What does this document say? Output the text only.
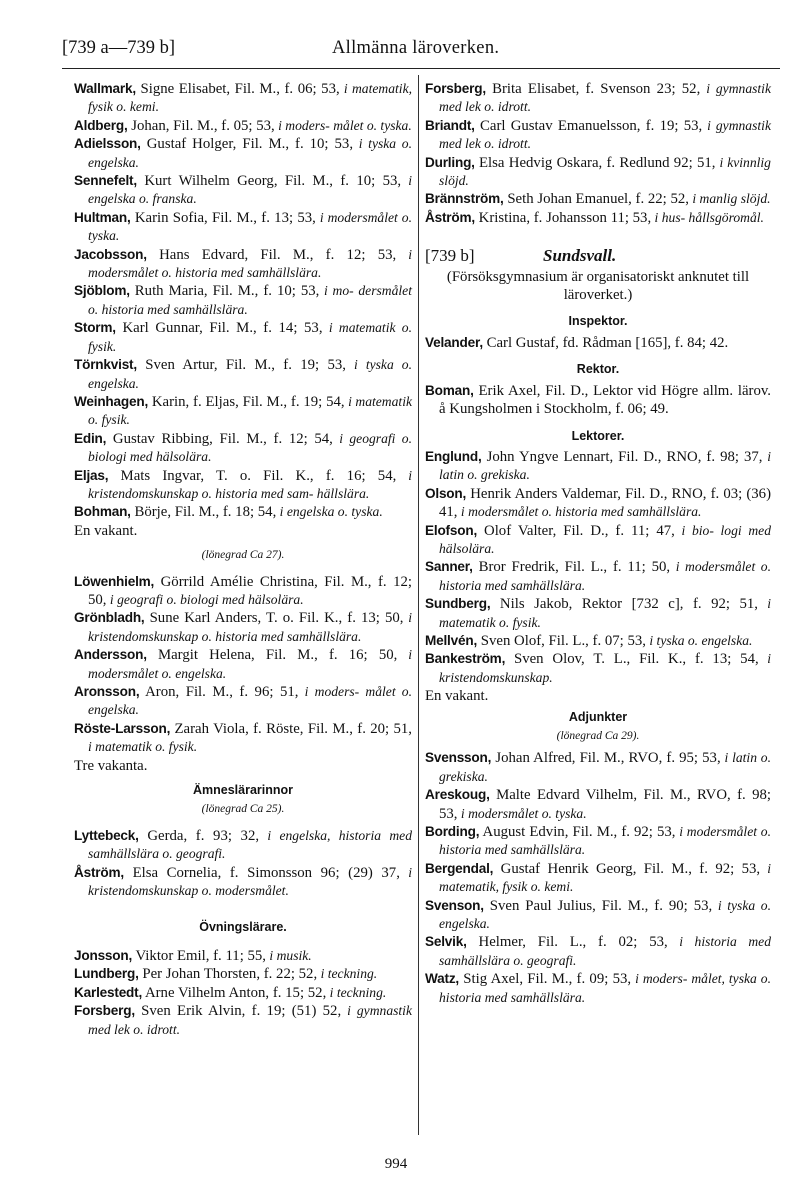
[739 a—739 b]	Allmänna läroverken.

Wallmark, Signe Elisabet, Fil. M., f. 06; 53, i matematik, fysik o. kemi.

Aldberg, Johan, Fil. M., f. 05; 53, i moders- målet o. tyska.

Adielsson, Gustaf Holger, Fil. M., f. 10; 53, i tyska o. engelska.

Sennefelt, Kurt Wilhelm Georg, Fil. M., f. 10; 53, i engelska o. franska.

Hultman, Karin Sofia, Fil. M., f. 13; 53, i modersmålet o. tyska.

Jacobsson, Hans Edvard, Fil. M., f. 12; 53, i modersmålet o. historia med samhällslära.

Sjöblom, Ruth Maria, Fil. M., f. 10; 53, i mo- dersmålet o. historia med samhällslära.

Storm, Karl Gunnar, Fil. M., f. 14; 53, i matematik o. fysik.

Törnkvist, Sven Artur, Fil. M., f. 19; 53, i tyska o. engelska.

Weinhagen, Karin, f. Eljas, Fil. M., f. 19; 54, i matematik o. fysik.

Edin, Gustav Ribbing, Fil. M., f. 12; 54, i geografi o. biologi med hälsolära.

Eljas, Mats Ingvar, T. o. Fil. K., f. 16; 54, i kristendomskunskap o. historia med sam- hällslära.

Bohman, Börje, Fil. M., f. 18; 54, i engelska o. tyska.

En vakant.

(lönegrad Ca 27).

Löwenhielm, Görrild Amélie Christina, Fil. M., f. 12; 50, i geografi o. biologi med hälsolära.

Grönbladh, Sune Karl Anders, T. o. Fil. K., f. 13; 50, i kristendomskunskap o. historia med samhällslära.

Andersson, Margit Helena, Fil. M., f. 16; 50, i modersmålet o. engelska.

Aronsson, Aron, Fil. M., f. 96; 51, i moders- målet o. engelska.

Röste-Larsson, Zarah Viola, f. Röste, Fil. M., f. 20; 51, i matematik o. fysik.

Tre vakanta.

Ämneslärarinnor

(lönegrad Ca 25).

Lyttebeck, Gerda, f. 93; 32, i engelska, historia med samhällslära o. geografi.

Åström, Elsa Cornelia, f. Simonsson 96; (29) 37, i kristendomskunskap o. modersmålet.

Övningslärare.

Jonsson, Viktor Emil, f. 11; 55, i musik.

Lundberg, Per Johan Thorsten, f. 22; 52, i teckning.

Karlestedt, Arne Vilhelm Anton, f. 15; 52, i teckning.

Forsberg, Sven Erik Alvin, f. 19; (51) 52, i gymnastik med lek o. idrott.

Forsberg, Brita Elisabet, f. Svenson 23; 52, i gymnastik med lek o. idrott.

Briandt, Carl Gustav Emanuelsson, f. 19; 53, i gymnastik med lek o. idrott.

Durling, Elsa Hedvig Oskara, f. Redlund 92; 51, i kvinnlig slöjd.

Brännström, Seth Johan Emanuel, f. 22; 52, i manlig slöjd.

Åström, Kristina, f. Johansson 11; 53, i hus- hållsgöromål.

[739 b]	Sundsvall.

(Försöksgymnasium är organisatoriskt anknutet till läroverket.)

Inspektor.

Velander, Carl Gustaf, fd. Rådman [165], f. 84; 42.

Rektor.

Boman, Erik Axel, Fil. D., Lektor vid Högre allm. lärov. å Kungsholmen i Stockholm, f. 06; 49.

Lektorer.

Englund, John Yngve Lennart, Fil. D., RNO, f. 98; 37, i latin o. grekiska.

Olson, Henrik Anders Valdemar, Fil. D., RNO, f. 03; (36) 41, i modersmålet o. historia med samhällslära.

Elofson, Olof Valter, Fil. D., f. 11; 47, i bio- logi med hälsolära.

Sanner, Bror Fredrik, Fil. L., f. 11; 50, i modersmålet o. historia med samhällslära.

Sundberg, Nils Jakob, Rektor [732 c], f. 92; 51, i matematik o. fysik.

Mellvén, Sven Olof, Fil. L., f. 07; 53, i tyska o. engelska.

Bankeström, Sven Olov, T. L., Fil. K., f. 13; 54, i kristendomskunskap.

En vakant.

Adjunkter

(lönegrad Ca 29).

Svensson, Johan Alfred, Fil. M., RVO, f. 95; 53, i latin o. grekiska.

Areskoug, Malte Edvard Vilhelm, Fil. M., RVO, f. 98; 53, i modersmålet o. tyska.

Bording, August Edvin, Fil. M., f. 92; 53, i modersmålet o. historia med samhällslära.

Bergendal, Gustaf Henrik Georg, Fil. M., f. 92; 53, i matematik, fysik o. kemi.

Svenson, Sven Paul Julius, Fil. M., f. 90; 53, i tyska o. engelska.

Selvik, Helmer, Fil. L., f. 02; 53, i historia med samhällslära o. geografi.

Watz, Stig Axel, Fil. M., f. 09; 53, i moders- målet, tyska o. historia med samhällslära.

994
